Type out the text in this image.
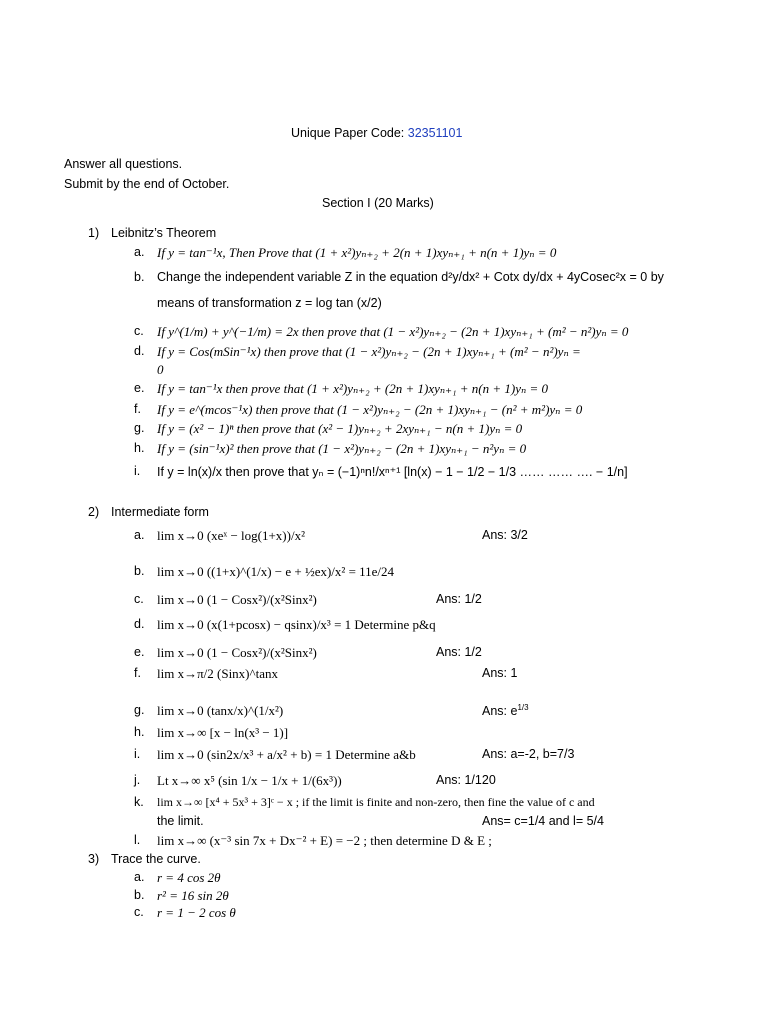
Unique Paper Code: 32351101
Answer all questions.
Submit by the end of October.
Section I (20 Marks)
1) Leibnitz’s Theorem
a. If y = tan⁻¹x, Then Prove that (1 + x²)yₙ₊₂ + 2(n + 1)xyₙ₊₁ + n(n + 1)yₙ = 0
b. Change the independent variable Z in the equation d²y/dx² + Cotx dy/dx + 4yCosec²x = 0 by
means of transformation z = log tan (x/2)
c. If y^(1/m) + y^(−1/m) = 2x then prove that (1 − x²)yₙ₊₂ − (2n + 1)xyₙ₊₁ + (m² − n²)yₙ = 0
d. If y = Cos(mSin⁻¹x) then prove that (1 − x²)yₙ₊₂ − (2n + 1)xyₙ₊₁ + (m² − n²)yₙ =
0
e. If y = tan⁻¹x then prove that (1 + x²)yₙ₊₂ + (2n + 1)xyₙ₊₁ + n(n + 1)yₙ = 0
f. If y = e^(mcos⁻¹x) then prove that (1 − x²)yₙ₊₂ − (2n + 1)xyₙ₊₁ − (n² + m²)yₙ = 0
g. If y = (x² − 1)ⁿ then prove that (x² − 1)yₙ₊₂ + 2xyₙ₊₁ − n(n + 1)yₙ = 0
h. If y = (sin⁻¹x)² then prove that (1 − x²)yₙ₊₂ − (2n + 1)xyₙ₊₁ − n²yₙ = 0
i. If y = ln(x)/x then prove that yₙ = (−1)ⁿn!/xⁿ⁺¹ [ln(x) − 1 − 1/2 − 1/3 …… …… …. − 1/n]
2) Intermediate form
a. lim x→0 (xeˣ − log(1+x))/x²	Ans: 3/2
b. lim x→0 ((1+x)^(1/x) − e + ½ex)/x² = 11e/24
c. lim x→0 (1 − Cosx²)/(x²Sinx²)	Ans: 1/2
d. lim x→0 (x(1+pcosx) − qsinx)/x³ = 1 Determine p&q
e. lim x→0 (1 − Cosx²)/(x²Sinx²)	Ans: 1/2
f. lim x→π/2 (Sinx)^tanx	Ans: 1
g. lim x→0 (tanx/x)^(1/x²)	Ans: $e^{1/3}$
h. lim x→∞ [x − ln(x³ − 1)]
i. lim x→0 (sin2x/x³ + a/x² + b) = 1 Determine a&b	Ans: a=-2, b=7/3
j. Lt x→∞ x⁵ (sin 1/x − 1/x + 1/(6x³))	Ans: 1/120
k. lim x→∞ [x⁴ + 5x³ + 3]ᶜ − x ; if the limit is finite and non-zero, then fine the value of c and
the limit.	Ans= c=1/4 and l= 5/4
l. lim x→∞ (x⁻³ sin 7x + Dx⁻² + E) = −2 ; then determine D & E ;
3) Trace the curve.
a. r = 4 cos 2θ
b. r² = 16 sin 2θ
c. r = 1 − 2 cos θ
